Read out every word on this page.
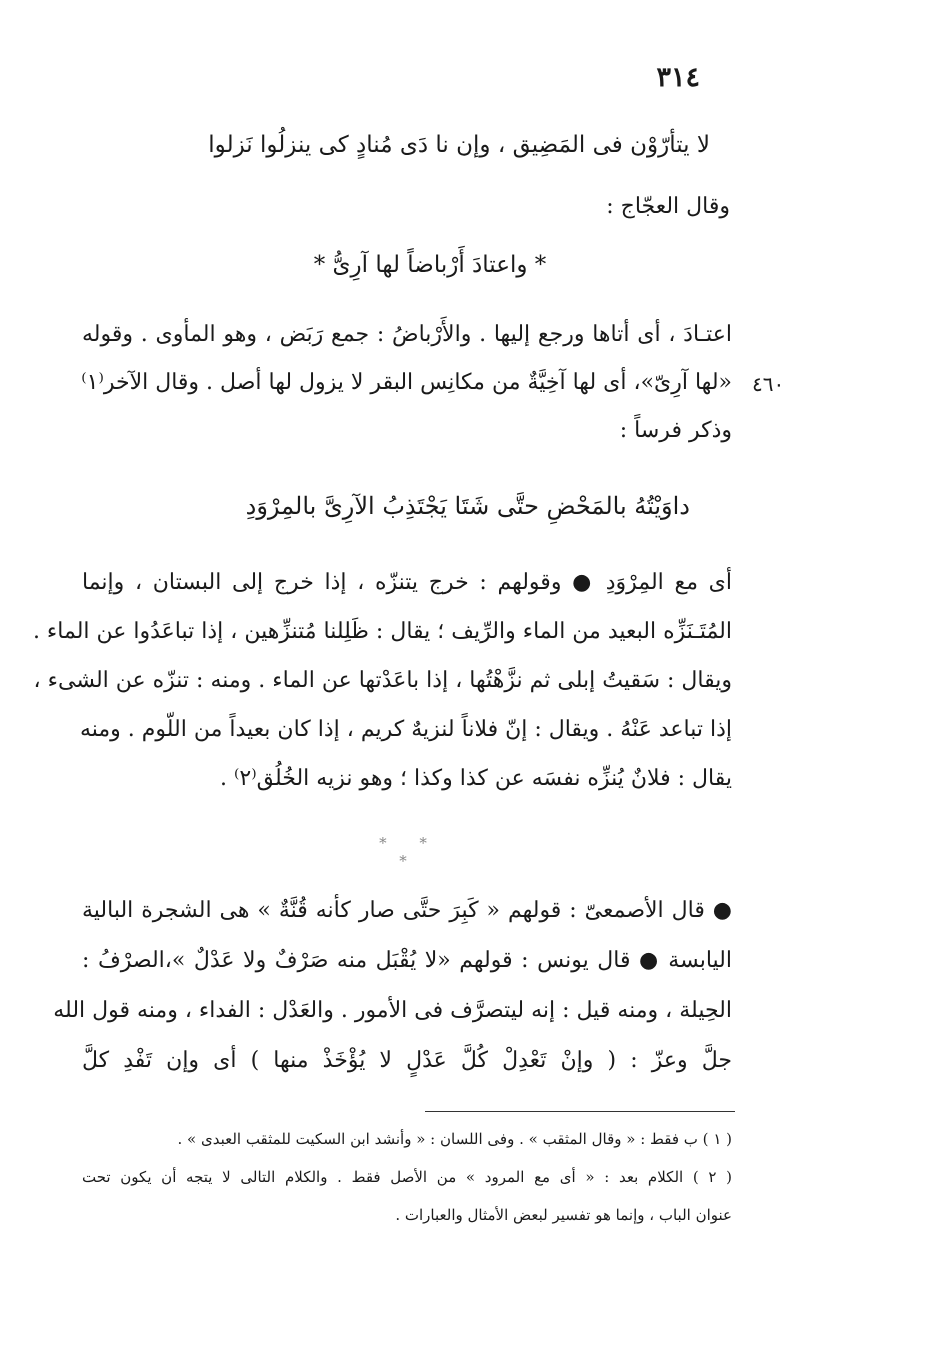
٣١٤
لا يتأرّوْن فى المَضِيق ، وإن نا دَى مُنادٍ كى ينزلُوا نَزلوا
وقال العجّاج :
* واعتادَ أَرْباضاً لها آرِىُّ *
اعتـادَ ، أى أتاها ورجع إليها . والأَرْباضُ : جمع رَبَض ، وهو المأوى . وقوله
«لها آرِىّ»، أى لها آخِيَّةٌ من مكانِس البقر لا يزول لها أصل . وقال الآخر⁽١⁾
وذكر فرساً :
٤٦٠
داوَيْتُهُ بالمَحْضِ حتَّى شَتَا يَجْتَذِبُ الآرِىَّ بالمِرْوَدِ
أى مع المِرْوَدِ ● وقولهم : خرج يتنزّه ، إذا خرج إلى البستان ، وإنما
المُتَـنَزِّه البعيد من الماء والرِّيف ؛ يقال : ظَلِلنا مُتنزِّهين ، إذا تباعَدُوا عن الماء .
ويقال : سَقيتُ إبلى ثم نزَّهْتُها ، إذا باعَدْتها عن الماء . ومنه : تنزّه عن الشىء ،
إذا تباعد عَنْهُ . ويقال : إنّ فلاناً لنزيهٌ كريم ، إذا كان بعيداً من اللّوم . ومنه
يقال : فلانٌ يُنزِّه نفسَه عن كذا وكذا ؛ وهو نزيه الخُلُق⁽٢⁾ .
* * *
● قال الأصمعىّ : قولهم « كَبِرَ حتَّى صار كأنه قُنَّةٌ » هى الشجرة البالية
اليابسة ● قال يونس : قولهم «لا يُقْبَل منه صَرْفٌ ولا عَدْلٌ »،الصرْفُ :
الحِيلة ، ومنه قيل : إنه ليتصرَّف فى الأمور . والعَدْل : الفداء ، ومنه قول الله
جلَّ وعزّ : ( وإنْ تَعْدِلْ كُلَّ عَدْلٍ لا يُؤْخَذْ منها ) أى وإن تَفْدِ كلَّ
( ١ ) ب فقط : « وقال المثقب » . وفى اللسان : « وأنشد ابن السكيت للمثقب العبدى » .
( ٢ ) الكلام بعد : « أى مع المرود » من الأصل فقط . والكلام التالى لا يتجه أن يكون تحت
عنوان الباب ، وإنما هو تفسير لبعض الأمثال والعبارات .
